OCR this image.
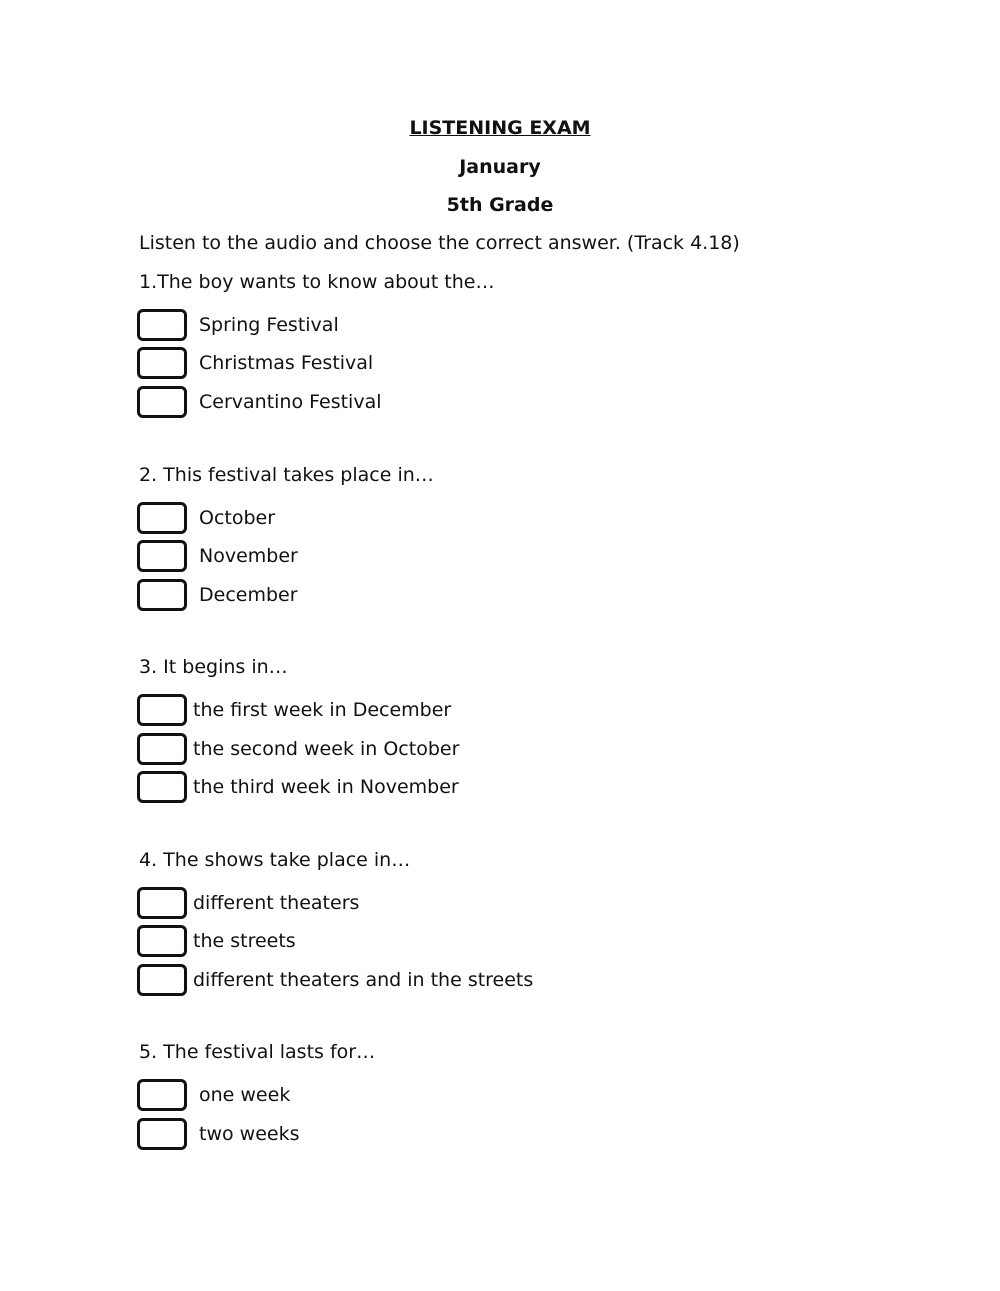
LISTENING EXAM
January
5th Grade
Listen to the audio and choose the correct answer. (Track 4.18)
1.The boy wants to know about the…
Spring Festival
Christmas Festival
Cervantino Festival
2. This festival takes place in…
October
November
December
3. It begins in…
the first week in December
the second week in October
the third week in November
4. The shows take place in…
different theaters
the streets
different theaters and in the streets
5. The festival lasts for…
one week
two weeks
